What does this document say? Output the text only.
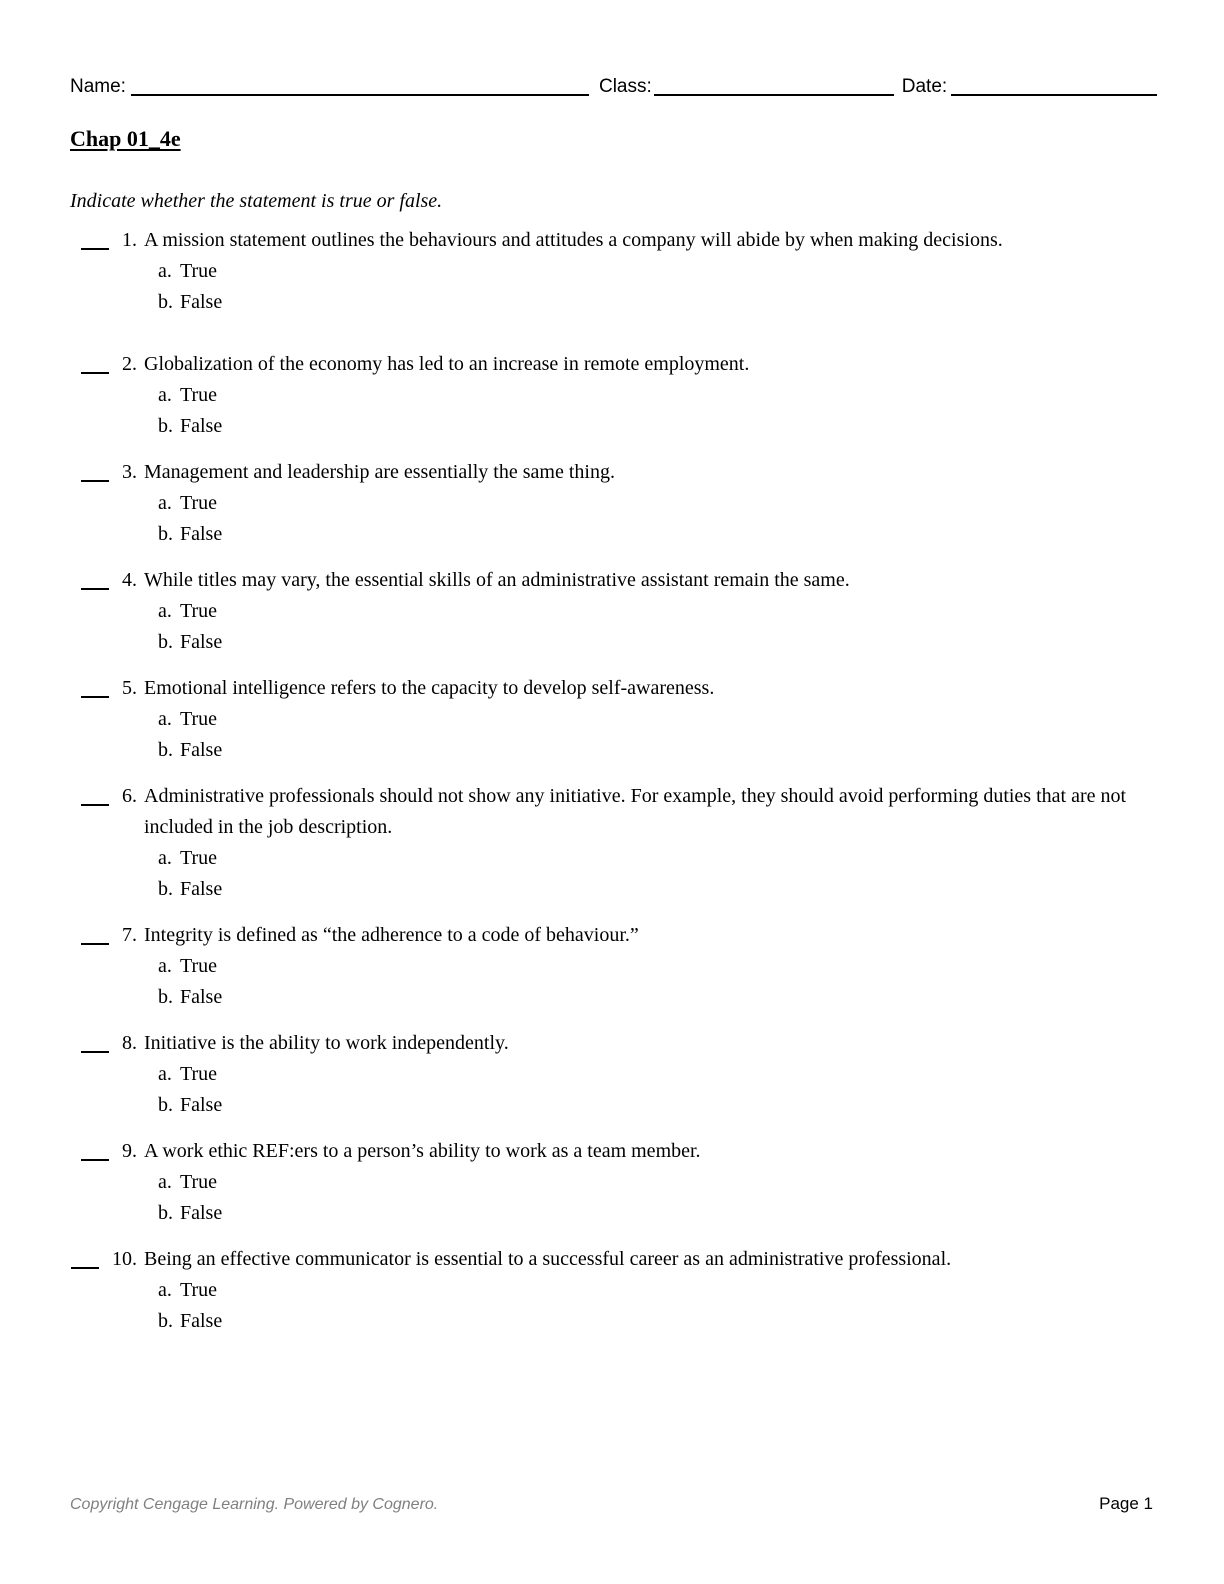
Name:	Class:	Date:
Chap 01_4e
Indicate whether the statement is true or false.
1. A mission statement outlines the behaviours and attitudes a company will abide by when making decisions.
a. True
b. False
2. Globalization of the economy has led to an increase in remote employment.
a. True
b. False
3. Management and leadership are essentially the same thing.
a. True
b. False
4. While titles may vary, the essential skills of an administrative assistant remain the same.
a. True
b. False
5. Emotional intelligence refers to the capacity to develop self-awareness.
a. True
b. False
6. Administrative professionals should not show any initiative. For example, they should avoid performing duties that are not included in the job description.
a. True
b. False
7. Integrity is defined as “the adherence to a code of behaviour.”
a. True
b. False
8. Initiative is the ability to work independently.
a. True
b. False
9. A work ethic REF:ers to a person’s ability to work as a team member.
a. True
b. False
10. Being an effective communicator is essential to a successful career as an administrative professional.
a. True
b. False
Copyright Cengage Learning. Powered by Cognero.	Page 1
